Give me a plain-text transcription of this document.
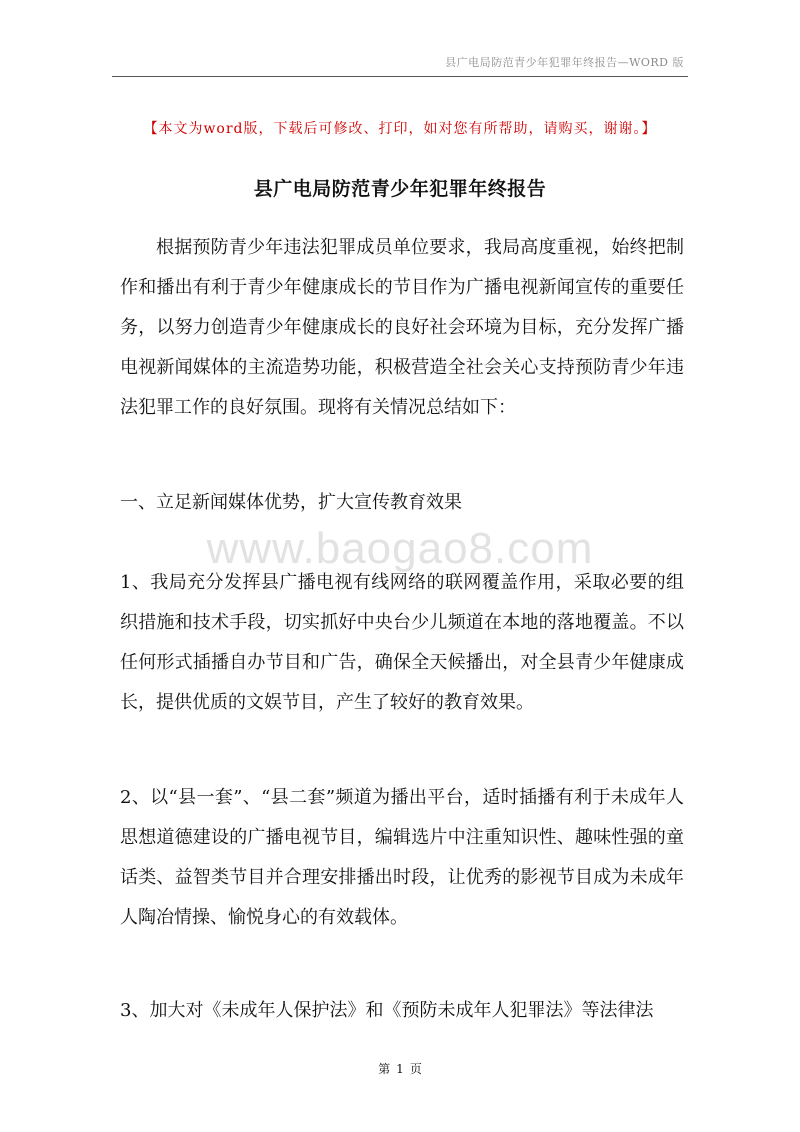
县广电局防范青少年犯罪年终报告—WORD 版
【本文为word版，下载后可修改、打印，如对您有所帮助，请购买，谢谢。】
县广电局防范青少年犯罪年终报告

根据预防青少年违法犯罪成员单位要求，我局高度重视，始终把制作和播出有利于青少年健康成长的节目作为广播电视新闻宣传的重要任务，以努力创造青少年健康成长的良好社会环境为目标，充分发挥广播电视新闻媒体的主流造势功能，积极营造全社会关心支持预防青少年违法犯罪工作的良好氛围。现将有关情况总结如下：

一、立足新闻媒体优势，扩大宣传教育效果

www.baogao8.com

1、我局充分发挥县广播电视有线网络的联网覆盖作用，采取必要的组织措施和技术手段，切实抓好中央台少儿频道在本地的落地覆盖。不以任何形式插播自办节目和广告，确保全天候播出，对全县青少年健康成长，提供优质的文娱节目，产生了较好的教育效果。

2、以“县一套”、“县二套”频道为播出平台，适时插播有利于未成年人思想道德建设的广播电视节目，编辑选片中注重知识性、趣味性强的童话类、益智类节目并合理安排播出时段，让优秀的影视节目成为未成年人陶冶情操、愉悦身心的有效载体。

3、加大对《未成年人保护法》和《预防未成年人犯罪法》等法律法

第 1 页
